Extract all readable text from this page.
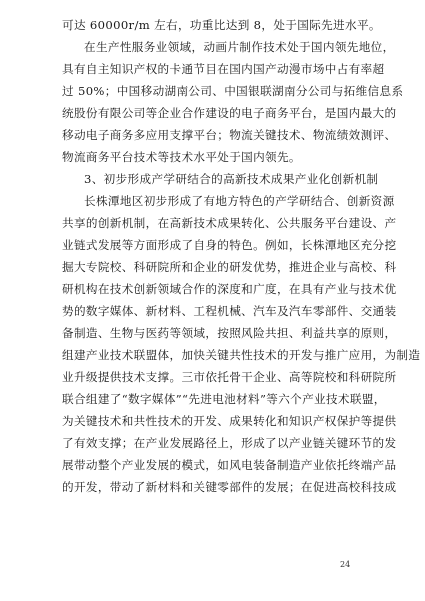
可达 60000r/m 左右，功重比达到 8，处于国际先进水平。
在生产性服务业领域，动画片制作技术处于国内领先地位，
具有自主知识产权的卡通节目在国内国产动漫市场中占有率超
过 50%；中国移动湖南公司、中国银联湖南分公司与拓维信息系
统股份有限公司等企业合作建设的电子商务平台，是国内最大的
移动电子商务多应用支撑平台；物流关键技术、物流绩效测评、
物流商务平台技术等技术水平处于国内领先。
3、初步形成产学研结合的高新技术成果产业化创新机制
长株潭地区初步形成了有地方特色的产学研结合、创新资源
共享的创新机制，在高新技术成果转化、公共服务平台建设、产
业链式发展等方面形成了自身的特色。例如，长株潭地区充分挖
掘大专院校、科研院所和企业的研发优势，推进企业与高校、科
研机构在技术创新领域合作的深度和广度，在具有产业与技术优
势的数字媒体、新材料、工程机械、汽车及汽车零部件、交通装
备制造、生物与医药等领域，按照风险共担、利益共享的原则，
组建产业技术联盟体，加快关键共性技术的开发与推广应用，为制造
业升级提供技术支撑。三市依托骨干企业、高等院校和科研院所
联合组建了“数字媒体”“先进电池材料”等六个产业技术联盟，
为关键技术和共性技术的开发、成果转化和知识产权保护等提供
了有效支撑；在产业发展路径上，形成了以产业链关键环节的发
展带动整个产业发展的模式，如风电装备制造产业依托终端产品
的开发，带动了新材料和关键零部件的发展；在促进高校科技成
24
